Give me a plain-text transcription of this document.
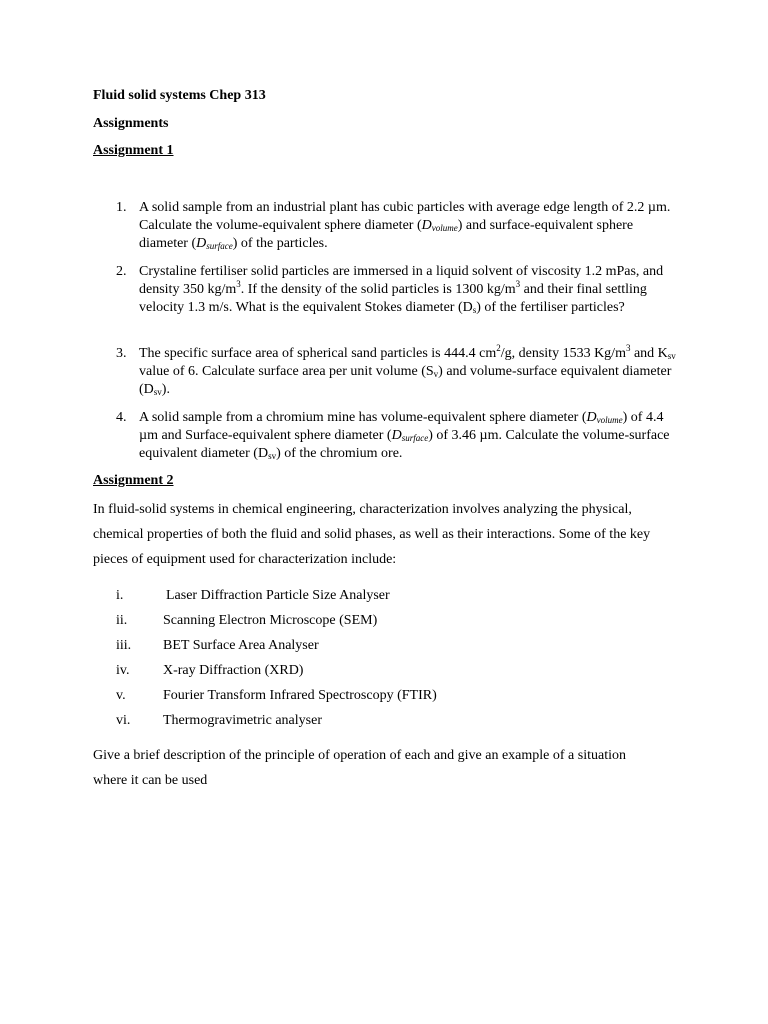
Fluid solid systems Chep 313
Assignments
Assignment 1
1. A solid sample from an industrial plant has cubic particles with average edge length of 2.2 µm. Calculate the volume-equivalent sphere diameter $(D_{volume})$ and surface-equivalent sphere diameter $(D_{surface})$ of the particles.
2. Crystaline fertiliser solid particles are immersed in a liquid solvent of viscosity 1.2 mPas, and density 350 $kg/m^3$. If the density of the solid particles is 1300 $kg/m^3$ and their final settling velocity 1.3 m/s. What is the equivalent Stokes diameter $(D_s)$ of the fertiliser particles?
3. The specific surface area of spherical sand particles is 444.4 $cm^2/g$, density 1533 $Kg/m^3$ and $K_{sv}$ value of 6. Calculate surface area per unit volume $(S_v)$ and volume-surface equivalent diameter $(D_{sv})$.
4. A solid sample from a chromium mine has volume-equivalent sphere diameter $(D_{volume})$ of 4.4 µm and Surface-equivalent sphere diameter $(D_{surface})$ of 3.46 µm. Calculate the volume-surface equivalent diameter $(D_{sv})$ of the chromium ore.
Assignment 2
In fluid-solid systems in chemical engineering, characterization involves analyzing the physical, chemical properties of both the fluid and solid phases, as well as their interactions. Some of the key pieces of equipment used for characterization include:
i.	Laser Diffraction Particle Size Analyser
ii.	Scanning Electron Microscope (SEM)
iii. BET Surface Area Analyser
iv. X-ray Diffraction (XRD)
v.	Fourier Transform Infrared Spectroscopy (FTIR)
vi. Thermogravimetric analyser
Give a brief description of the principle of operation of each and give an example of a situation where it can be used
